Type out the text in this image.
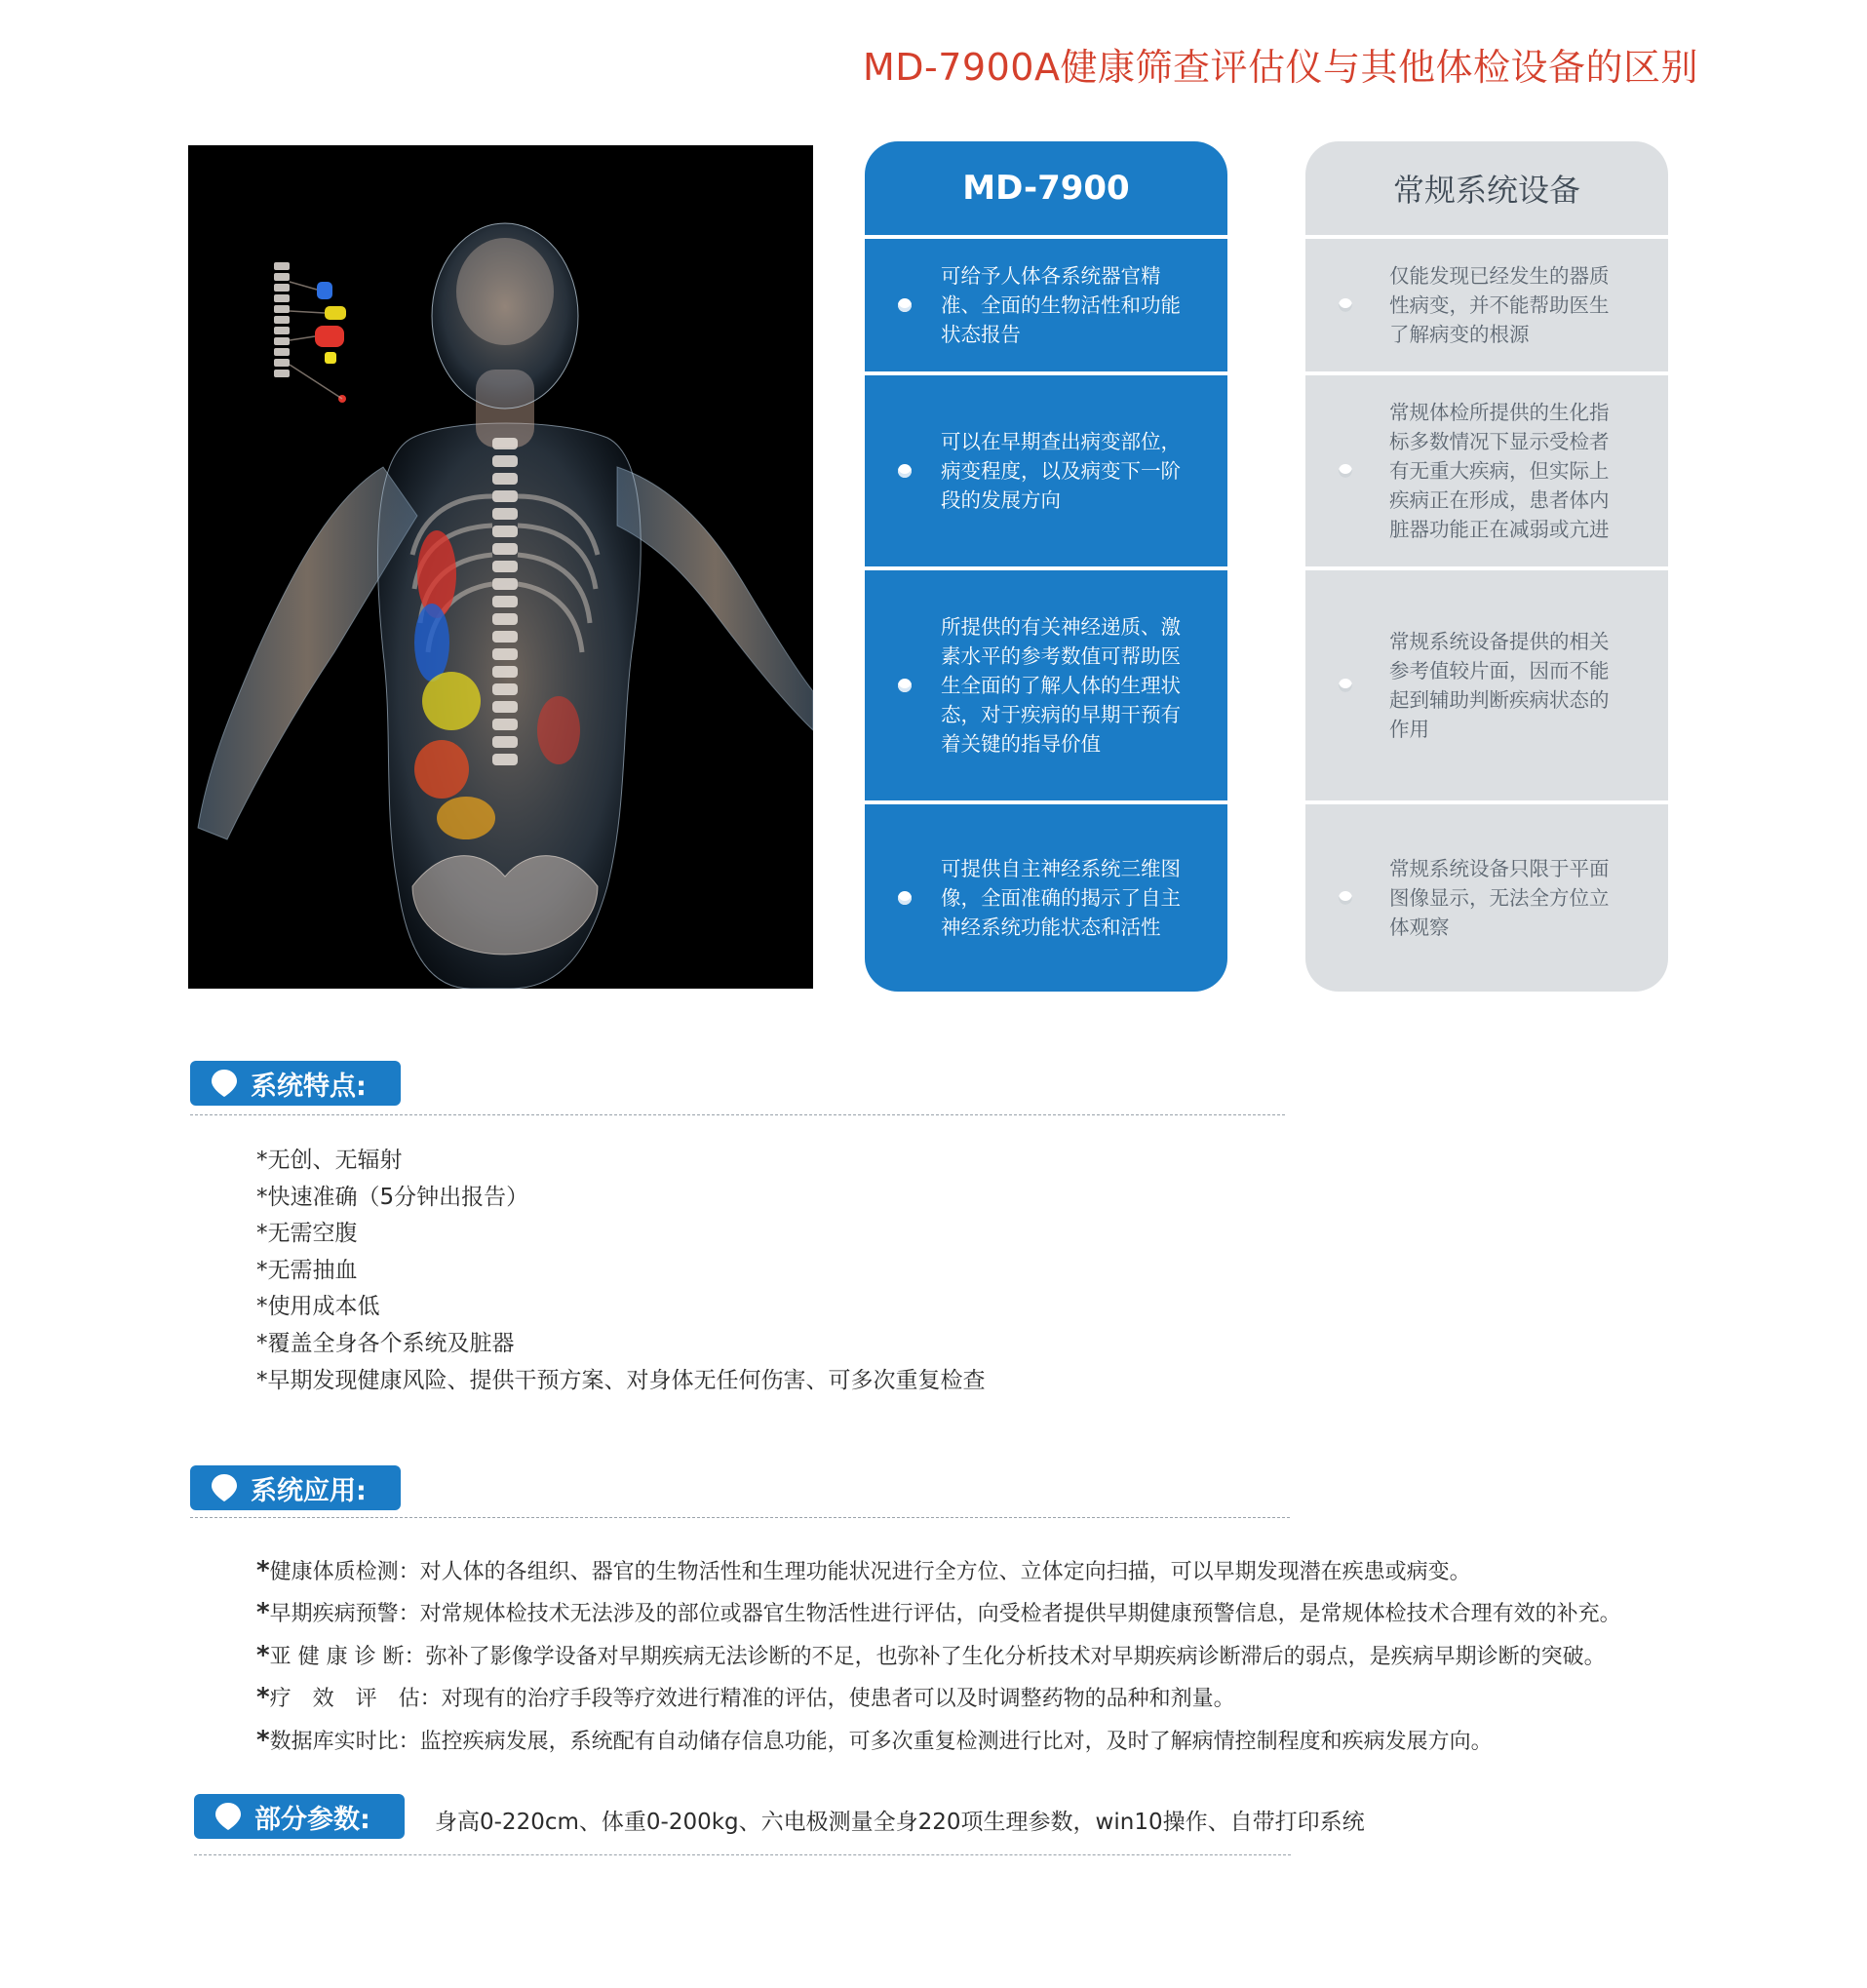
MD-7900A健康筛查评估仪与其他体检设备的区别
MD-7900
可给予人体各系统器官精准、全面的生物活性和功能状态报告
可以在早期查出病变部位，病变程度，以及病变下一阶段的发展方向
所提供的有关神经递质、激素水平的参考数值可帮助医生全面的了解人体的生理状态，对于疾病的早期干预有着关键的指导价值
可提供自主神经系统三维图像，全面准确的揭示了自主神经系统功能状态和活性
常规系统设备
仅能发现已经发生的器质性病变，并不能帮助医生了解病变的根源
常规体检所提供的生化指标多数情况下显示受检者有无重大疾病，但实际上疾病正在形成，患者体内脏器功能正在减弱或亢进
常规系统设备提供的相关参考值较片面，因而不能起到辅助判断疾病状态的作用
常规系统设备只限于平面图像显示，无法全方位立体观察
系统特点:
*无创、无辐射
*快速准确（5分钟出报告）
*无需空腹
*无需抽血
*使用成本低
*覆盖全身各个系统及脏器
*早期发现健康风险、提供干预方案、对身体无任何伤害、可多次重复检查
系统应用:
*健康体质检测：对人体的各组织、器官的生物活性和生理功能状况进行全方位、立体定向扫描，可以早期发现潜在疾患或病变。
*早期疾病预警：对常规体检技术无法涉及的部位或器官生物活性进行评估，向受检者提供早期健康预警信息，是常规体检技术合理有效的补充。
*亚 健 康 诊 断：弥补了影像学设备对早期疾病无法诊断的不足，也弥补了生化分析技术对早期疾病诊断滞后的弱点，是疾病早期诊断的突破。
*疗　效　评　估：对现有的治疗手段等疗效进行精准的评估，使患者可以及时调整药物的品种和剂量。
*数据库实时比：监控疾病发展，系统配有自动储存信息功能，可多次重复检测进行比对，及时了解病情控制程度和疾病发展方向。
部分参数:	身高0-220cm、体重0-200kg、六电极测量全身220项生理参数，win10操作、自带打印系统
